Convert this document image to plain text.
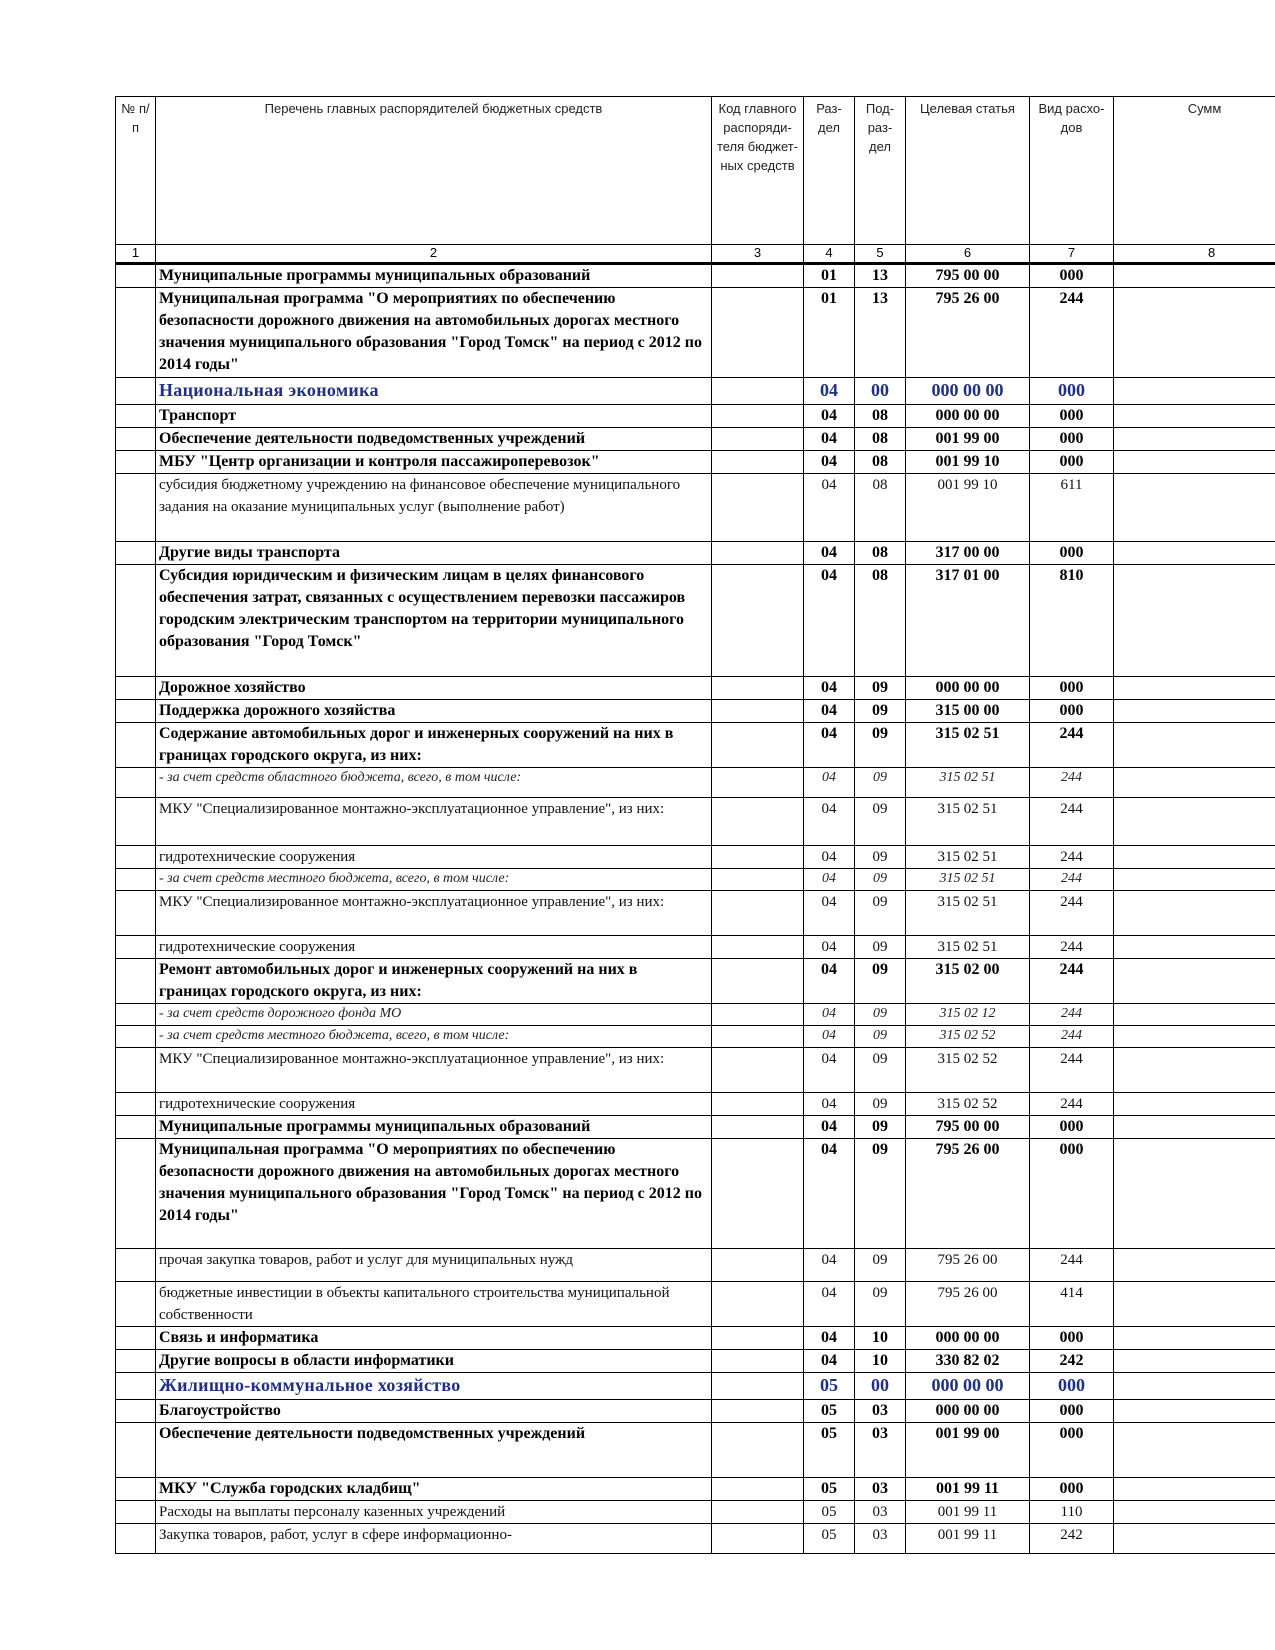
№ п/п	Перечень главных распорядителей бюджетных средств	Код главного распоряди- теля бюджет- ных средств	Раз- дел	Под- раз- дел	Целевая статья	Вид расхо- дов	Сумм
1	2	3	4	5	6	7	8
	Муниципальные программы муниципальных образований		01	13	795 00 00	000	
	Муниципальная программа "О мероприятиях по обеспечению безопасности дорожного движения на автомобильных дорогах местного значения муниципального образования "Город Томск" на период с 2012 по 2014 годы"		01	13	795 26 00	244	
	Национальная экономика		04	00	000 00 00	000	
	Транспорт		04	08	000 00 00	000	
	Обеспечение деятельности подведомственных учреждений		04	08	001 99 00	000	
	МБУ "Центр организации и контроля пассажироперевозок"		04	08	001 99 10	000	
	субсидия бюджетному учреждению на финансовое обеспечение муниципального задания на оказание муниципальных услуг (выполнение работ)		04	08	001 99 10	611	
	Другие виды транспорта		04	08	317 00 00	000	
	Субсидия юридическим и физическим лицам в целях финансового обеспечения затрат, связанных с осуществлением перевозки пассажиров городским электрическим транспортом на территории муниципального образования "Город Томск"		04	08	317 01 00	810	
	Дорожное хозяйство		04	09	000 00 00	000	
	Поддержка дорожного хозяйства		04	09	315 00 00	000	
	Содержание автомобильных дорог и инженерных сооружений на них в границах городского округа, из них:		04	09	315 02 51	244	
	- за счет средств областного бюджета, всего, в том числе:		04	09	315 02 51	244	
	МКУ "Специализированное монтажно-эксплуатационное управление", из них:		04	09	315 02 51	244	
	гидротехнические сооружения		04	09	315 02 51	244	
	- за счет средств местного бюджета, всего, в том числе:		04	09	315 02 51	244	
	МКУ "Специализированное монтажно-эксплуатационное управление", из них:		04	09	315 02 51	244	
	гидротехнические сооружения		04	09	315 02 51	244	
	Ремонт автомобильных дорог и инженерных сооружений на них в границах городского округа, из них:		04	09	315 02 00	244	
	- за счет средств дорожного фонда МО		04	09	315 02 12	244	
	- за счет средств местного бюджета, всего, в том числе:		04	09	315 02 52	244	
	МКУ "Специализированное монтажно-эксплуатационное управление", из них:		04	09	315 02 52	244	
	гидротехнические сооружения		04	09	315 02 52	244	
	Муниципальные программы муниципальных образований		04	09	795 00 00	000	
	Муниципальная программа "О мероприятиях по обеспечению безопасности дорожного движения на автомобильных дорогах местного значения муниципального образования "Город Томск" на период с 2012 по 2014 годы"		04	09	795 26 00	000	
	прочая закупка товаров, работ и услуг для муниципальных нужд		04	09	795 26 00	244	
	бюджетные инвестиции в объекты капитального строительства муниципальной собственности		04	09	795 26 00	414	
	Связь и информатика		04	10	000 00 00	000	
	Другие вопросы в области информатики		04	10	330 82 02	242	
	Жилищно-коммунальное хозяйство		05	00	000 00 00	000	
	Благоустройство		05	03	000 00 00	000	
	Обеспечение деятельности подведомственных учреждений		05	03	001 99 00	000	
	МКУ "Служба городских кладбищ"		05	03	001 99 11	000	
	Расходы на выплаты персоналу казенных учреждений		05	03	001 99 11	110	
	Закупка товаров, работ, услуг в сфере информационно-		05	03	001 99 11	242	
